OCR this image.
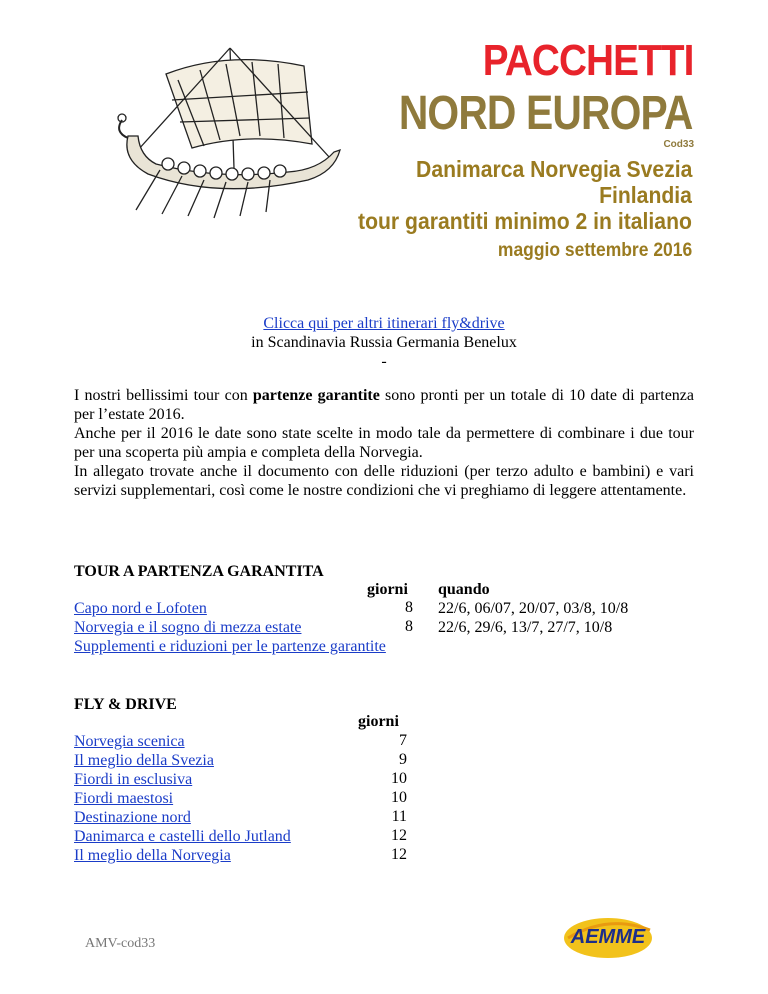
PACCHETTI
NORD EUROPA
Cod33
Danimarca Norvegia Svezia
Finlandia
tour garantiti minimo 2 in italiano
maggio settembre 2016
Clicca qui per altri itinerari fly&drive
in Scandinavia Russia Germania Benelux
-
I nostri bellissimi tour con partenze garantite sono pronti per un totale di 10 date di partenza per l’estate 2016.
Anche per il 2016 le date sono state scelte in modo tale da permettere di combinare i due tour per una scoperta più ampia e completa della Norvegia.
In allegato trovate anche il documento con delle riduzioni (per terzo adulto e bambini) e vari servizi supplementari, così come le nostre condizioni che vi preghiamo di leggere attentamente.
TOUR A PARTENZA GARANTITA
giorni quando
Capo nord e Lofoten	8 22/6, 06/07, 20/07, 03/8, 10/8
Norvegia e il sogno di mezza estate	8 22/6, 29/6, 13/7, 27/7, 10/8
Supplementi e riduzioni per le partenze garantite
FLY & DRIVE
giorni
Norvegia scenica	7
Il meglio della Svezia	9
Fiordi in esclusiva	10
Fiordi maestosi	10
Destinazione nord	11
Danimarca e castelli dello Jutland	12
Il meglio della Norvegia	12
AMV-cod33	AEMME
